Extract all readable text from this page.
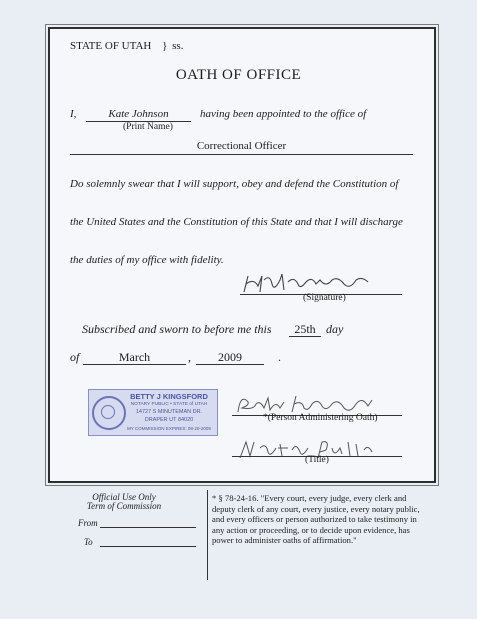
STATE OF UTAH } ss.
OATH OF OFFICE
I,	Kate Johnson
(Print Name)
having been appointed to the office of
Correctional Officer
Do solemnly swear that I will support, obey and defend the Constitution of
the United States and the Constitution of this State and that I will discharge
the duties of my office with fidelity.
(Signature)
Subscribed and sworn to before me this	25th day
of	March	,	2009	.
BETTY J KINGSFORD
NOTARY PUBLIC • STATE of UTAH
14727 S MINUTEMAN DR.
DRAPER UT 84020
MY COMMISSION EXPIRES: 08-20-2009
*(Person Administering Oath)
(Title)
Official Use Only
Term of Commission
From
To
* § 78-24-16. "Every court, every judge, every clerk and deputy clerk of any court, every justice, every notary public, and every officers or person authorized to take testimony in any action or proceeding, or to decide upon evidence, has power to administer oaths of affirmation."
